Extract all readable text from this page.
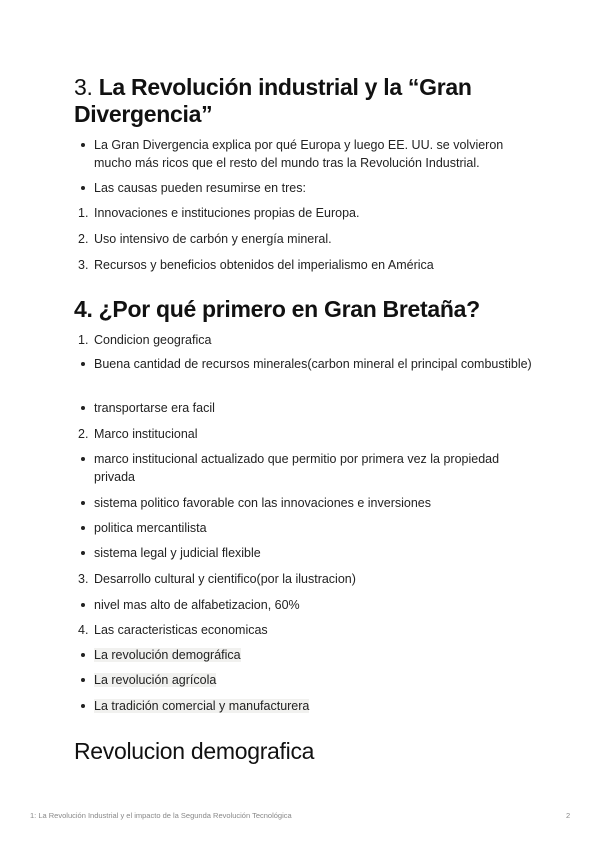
3. La Revolución industrial y la “Gran
Divergencia”
La Gran Divergencia explica por qué Europa y luego EE. UU. se volvieron mucho más ricos que el resto del mundo tras la Revolución Industrial.
Las causas pueden resumirse en tres:
1. Innovaciones e instituciones propias de Europa.
2. Uso intensivo de carbón y energía mineral.
3. Recursos y beneficios obtenidos del imperialismo en América
4. ¿Por qué primero en Gran Bretaña?
1. Condicion geografica
Buena cantidad de recursos minerales(carbon mineral el principal combustible)
transportarse era facil
2. Marco institucional
marco institucional actualizado que permitio por primera vez la propiedad privada
sistema politico favorable con las innovaciones e inversiones
politica mercantilista
sistema legal y judicial flexible
3. Desarrollo cultural y cientifico(por la ilustracion)
nivel mas alto de alfabetizacion, 60%
4. Las caracteristicas economicas
La revolución demográfica
La revolución agrícola
La tradición comercial y manufacturera
Revolucion demografica
1: La Revolución Industrial y el impacto de la Segunda Revolución Tecnológica	2
